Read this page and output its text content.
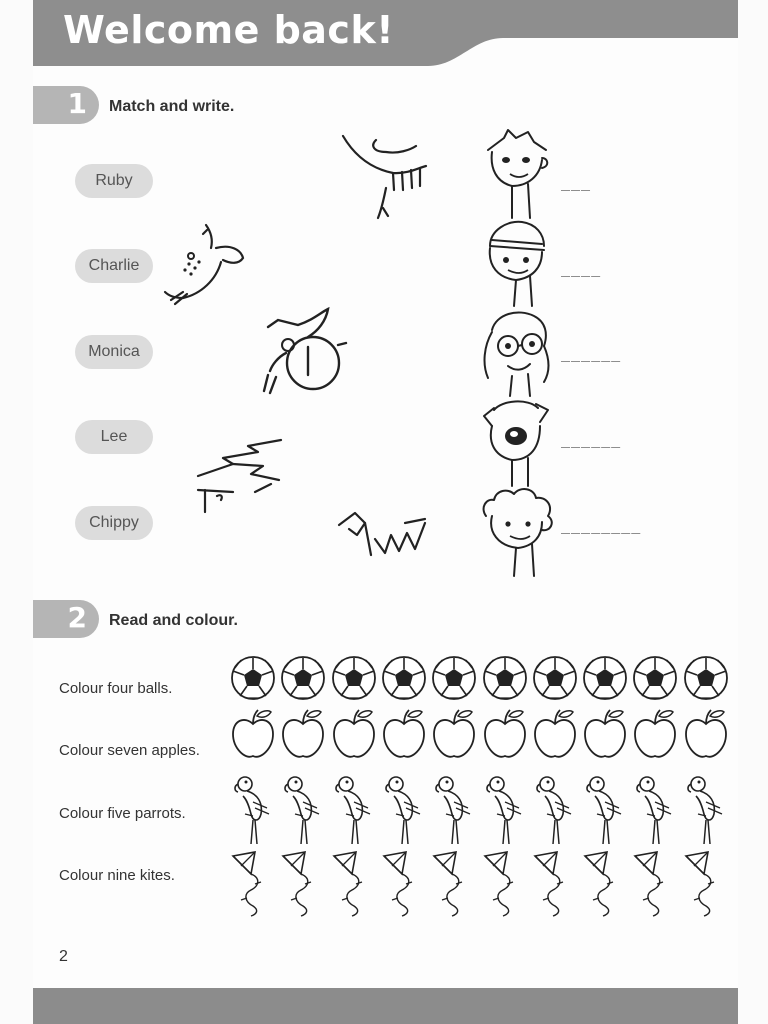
Welcome back!
1 Match and write.
Ruby
Charlie
Monica
Lee
Chippy
___
____
______
______
________
2 Read and colour.
Colour four balls.
Colour seven apples.
Colour five parrots.
Colour nine kites.
2
